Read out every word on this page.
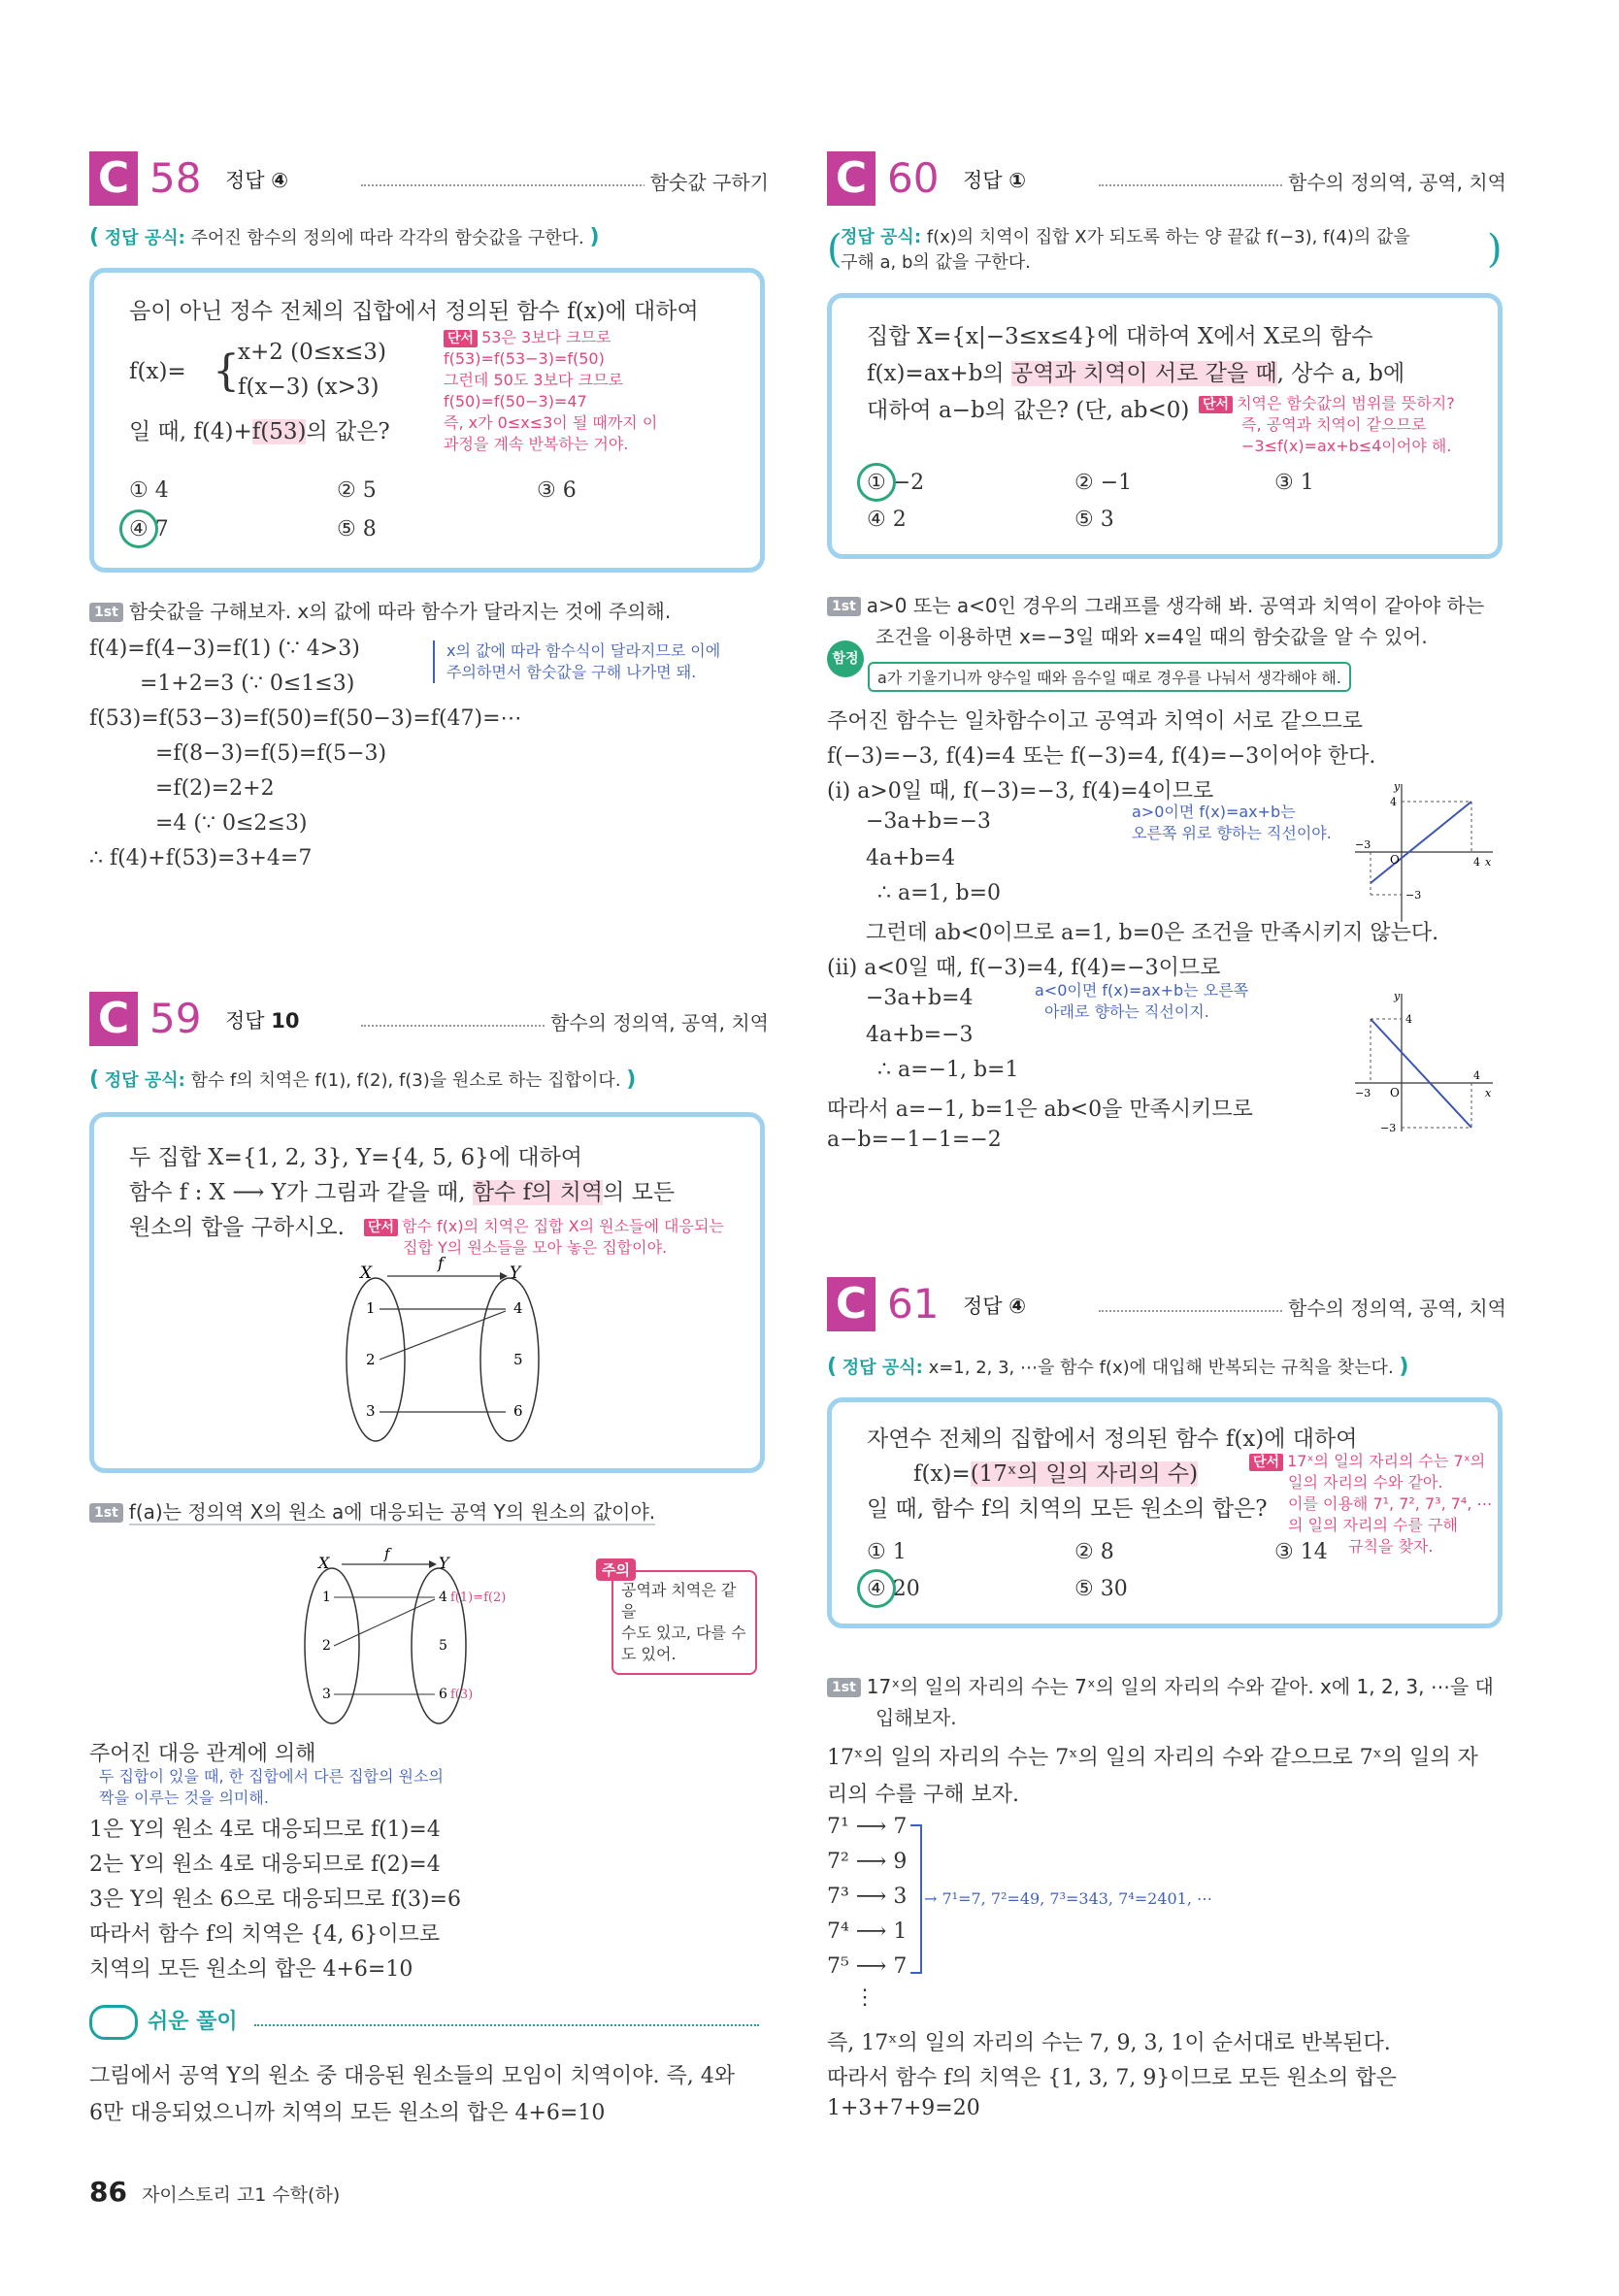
C 58 정답 ④	함숫값 구하기
( 정답 공식: 주어진 함수의 정의에 따라 각각의 함숫값을 구한다. )
음이 아닌 정수 전체의 집합에서 정의된 함수 f(x)에 대하여
f(x)= {
x+2 (0≤x≤3)
f(x−3) (x>3)
일 때, f(4)+f(53)의 값은?
단서 53은 3보다 크므로
f(53)=f(53−3)=f(50)
그런데 50도 3보다 크므로
f(50)=f(50−3)=47
즉, x가 0≤x≤3이 될 때까지 이
과정을 계속 반복하는 거야.
① 4	② 5	③ 6
④ 7	⑤ 8
1st 함숫값을 구해보자. x의 값에 따라 함수가 달라지는 것에 주의해.
f(4)=f(4−3)=f(1) (∵ 4>3)
=1+2=3 (∵ 0≤1≤3)
x의 값에 따라 함수식이 달라지므로 이에
주의하면서 함숫값을 구해 나가면 돼.
f(53)=f(53−3)=f(50)=f(50−3)=f(47)=⋯
=f(8−3)=f(5)=f(5−3)
=f(2)=2+2
=4 (∵ 0≤2≤3)
∴ f(4)+f(53)=3+4=7
C 59 정답 10	함수의 정의역, 공역, 치역
( 정답 공식: 함수 f의 치역은 f(1), f(2), f(3)을 원소로 하는 집합이다. )
두 집합 X={1, 2, 3}, Y={4, 5, 6}에 대하여
함수 f : X ⟶ Y가 그림과 같을 때, 함수 f의 치역의 모든
원소의 합을 구하시오. 단서 함수 f(x)의 치역은 집합 X의 원소들에 대응되는
집합 Y의 원소들을 모아 놓은 집합이야.
X	Y
f
1
2
3
4
5
6
1st f(a)는 정의역 X의 원소 a에 대응되는 공역 Y의 원소의 값이야.
X	Y
f
1
2
3
4
5
6
f(1)=f(2)
f(3)
주의
공역과 치역은 같을
수도 있고, 다를 수
도 있어.
주어진 대응 관계에 의해
두 집합이 있을 때, 한 집합에서 다른 집합의 원소의
짝을 이루는 것을 의미해.
1은 Y의 원소 4로 대응되므로 f(1)=4
2는 Y의 원소 4로 대응되므로 f(2)=4
3은 Y의 원소 6으로 대응되므로 f(3)=6
따라서 함수 f의 치역은 {4, 6}이므로
치역의 모든 원소의 합은 4+6=10
쉬운 풀이
그림에서 공역 Y의 원소 중 대응된 원소들의 모임이 치역이야. 즉, 4와
6만 대응되었으니까 치역의 모든 원소의 합은 4+6=10
C 60 정답 ①	함수의 정의역, 공역, 치역
정답 공식: f(x)의 치역이 집합 X가 되도록 하는 양 끝값 f(−3), f(4)의 값을
구해 a, b의 값을 구한다.
(	)
집합 X={x|−3≤x≤4}에 대하여 X에서 X로의 함수
f(x)=ax+b의 공역과 치역이 서로 같을 때, 상수 a, b에
대하여 a−b의 값은? (단, ab<0) 단서 치역은 함숫값의 범위를 뜻하지?
즉, 공역과 치역이 같으므로
−3≤f(x)=ax+b≤4이어야 해.
① −2	② −1	③ 1
④ 2	⑤ 3
1st a>0 또는 a<0인 경우의 그래프를 생각해 봐. 공역과 치역이 같아야 하는
조건을 이용하면 x=−3일 때와 x=4일 때의 함숫값을 알 수 있어.
함정
a가 기울기니까 양수일 때와 음수일 때로 경우를 나눠서 생각해야 해.
주어진 함수는 일차함수이고 공역과 치역이 서로 같으므로
f(−3)=−3, f(4)=4 또는 f(−3)=4, f(4)=−3이어야 한다.
(i) a>0일 때, f(−3)=−3, f(4)=4이므로
−3a+b=−3	a>0이면 f(x)=ax+b는
오른쪽 위로 향하는 직선이야.
4a+b=4
∴ a=1, b=0
그런데 ab<0이므로 a=1, b=0은 조건을 만족시키지 않는다.
(ii) a<0일 때, f(−3)=4, f(4)=−3이므로
−3a+b=4	a<0이면 f(x)=ax+b는 오른쪽
아래로 향하는 직선이지.
4a+b=−3
∴ a=−1, b=1
따라서 a=−1, b=1은 ab<0을 만족시키므로
a−b=−1−1=−2
y
x
O
4
−3
4
−3
y
x
O
4
−3
4
−3
C 61 정답 ④	함수의 정의역, 공역, 치역
( 정답 공식: x=1, 2, 3, ⋯을 함수 f(x)에 대입해 반복되는 규칙을 찾는다. )
자연수 전체의 집합에서 정의된 함수 f(x)에 대하여
f(x)=(17ˣ의 일의 자리의 수)
일 때, 함수 f의 치역의 모든 원소의 합은?
단서 17ˣ의 일의 자리의 수는 7ˣ의
일의 자리의 수와 같아.
이를 이용해 7¹, 7², 7³, 7⁴, ⋯
의 일의 자리의 수를 구해
규칙을 찾자.
① 1	② 8	③ 14
④ 20	⑤ 30
1st 17ˣ의 일의 자리의 수는 7ˣ의 일의 자리의 수와 같아. x에 1, 2, 3, ⋯을 대
입해보자.
17ˣ의 일의 자리의 수는 7ˣ의 일의 자리의 수와 같으므로 7ˣ의 일의 자
리의 수를 구해 보자.
7¹ ⟶ 7
7² ⟶ 9
7³ ⟶ 3
7⁴ ⟶ 1
7⁵ ⟶ 7
⋮
→ 7¹=7, 7²=49, 7³=343, 7⁴=2401, ⋯
즉, 17ˣ의 일의 자리의 수는 7, 9, 3, 1이 순서대로 반복된다.
따라서 함수 f의 치역은 {1, 3, 7, 9}이므로 모든 원소의 합은
1+3+7+9=20
86 자이스토리 고1 수학(하)
